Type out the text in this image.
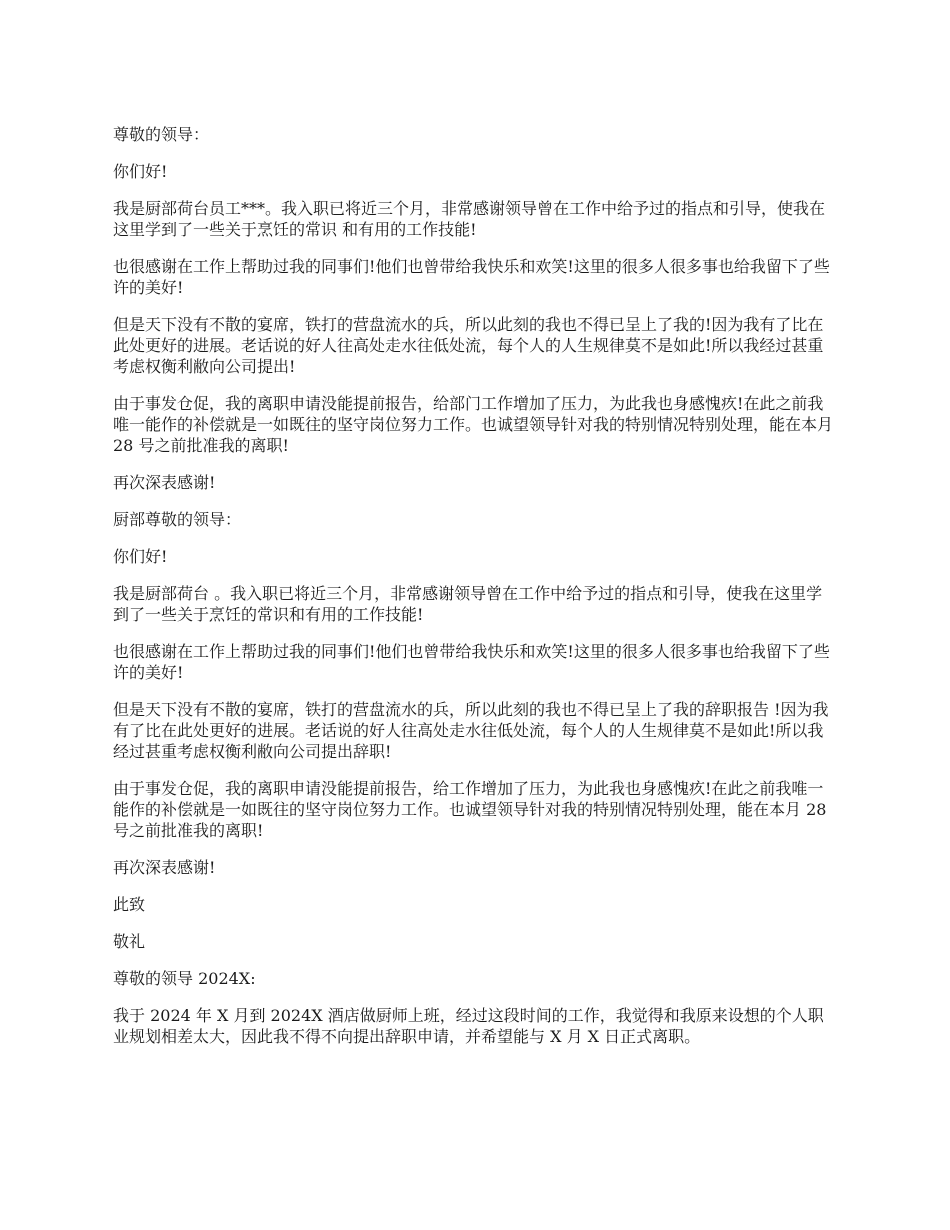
尊敬的领导：

你们好!

我是厨部荷台员工***。我入职已将近三个月，非常感谢领导曾在工作中给予过的指点和引导，使我在这里学到了一些关于烹饪的常识 和有用的工作技能!

也很感谢在工作上帮助过我的同事们!他们也曾带给我快乐和欢笑!这里的很多人很多事也给我留下了些许的美好!

但是天下没有不散的宴席，铁打的营盘流水的兵，所以此刻的我也不得已呈上了我的!因为我有了比在此处更好的进展。老话说的好人往高处走水往低处流，每个人的人生规律莫不是如此!所以我经过甚重考虑权衡利敝向公司提出!

由于事发仓促，我的离职申请没能提前报告，给部门工作增加了压力，为此我也身感愧疚!在此之前我唯一能作的补偿就是一如既往的坚守岗位努力工作。也诚望领导针对我的特别情况特别处理，能在本月 28 号之前批准我的离职!

再次深表感谢!

厨部尊敬的领导：

你们好!

我是厨部荷台 。我入职已将近三个月，非常感谢领导曾在工作中给予过的指点和引导，使我在这里学到了一些关于烹饪的常识和有用的工作技能!

也很感谢在工作上帮助过我的同事们!他们也曾带给我快乐和欢笑!这里的很多人很多事也给我留下了些许的美好!

但是天下没有不散的宴席，铁打的营盘流水的兵，所以此刻的我也不得已呈上了我的辞职报告 !因为我有了比在此处更好的进展。老话说的好人往高处走水往低处流，每个人的人生规律莫不是如此!所以我经过甚重考虑权衡利敝向公司提出辞职!

由于事发仓促，我的离职申请没能提前报告，给工作增加了压力，为此我也身感愧疚!在此之前我唯一能作的补偿就是一如既往的坚守岗位努力工作。也诚望领导针对我的特别情况特别处理，能在本月 28 号之前批准我的离职!

再次深表感谢!

此致

敬礼

尊敬的领导 2024X:

我于 2024 年 X 月到 2024X 酒店做厨师上班，经过这段时间的工作，我觉得和我原来设想的个人职业规划相差太大，因此我不得不向提出辞职申请，并希望能与 X 月 X 日正式离职。
